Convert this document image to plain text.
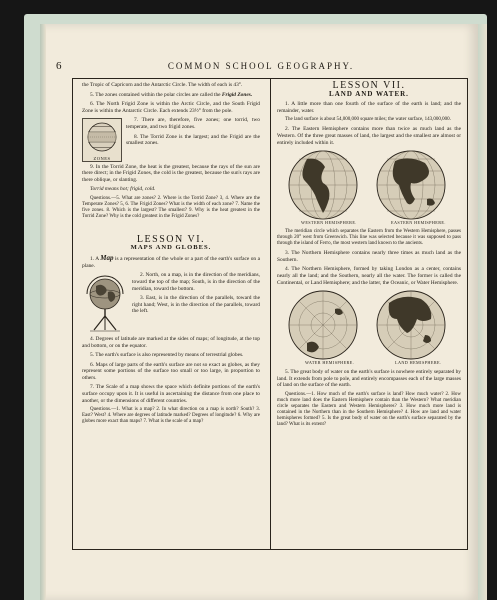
6	COMMON SCHOOL GEOGRAPHY.

the Tropic of Capricorn and the Antarctic Circle. The width of each is 43°.

5. The zones contained within the polar circles are called the Frigid Zones.

6. The North Frigid Zone is within the Arctic Circle, and the South Frigid Zone is within the Antarctic Circle. Each extends 23½° from the pole.

ZONES

7. There are, therefore, five zones; one torrid, two temperate, and two frigid zones.

8. The Torrid Zone is the largest; and the Frigid are the smallest zones.

9. In the Torrid Zone, the heat is the greatest, because the rays of the sun are there direct; in the Frigid Zones, the cold is the greatest, because the sun's rays are there oblique, or slanting.

Torrid means hot; frigid, cold.

Questions.—5. What are zones? 2. Where is the Torrid Zone? 3, 4. Where are the Temperate Zones? 5, 6. The Frigid Zones? What is the width of each zone? 7. Name the five zones. 8. Which is the largest? The smallest? 9. Why is the heat greatest in the Torrid Zone? Why is the cold greatest in the Frigid Zones?

LESSON VI.
MAPS AND GLOBES.

1. A Map is a representation of the whole or a part of the earth's surface on a plane.

2. North, on a map, is in the direction of the meridians, toward the top of the map; South, is in the direction of the meridian, toward the bottom.

3. East, is in the direction of the parallels, toward the right hand; West, is in the direction of the parallels, toward the left.

4. Degrees of latitude are marked at the sides of maps; of longitude, at the top and bottom, or on the equator.

5. The earth's surface is also represented by means of terrestrial globes.

6. Maps of large parts of the earth's surface are not so exact as globes, as they represent some portions of the surface too small or too large, in proportion to others.

7. The Scale of a map shows the space which definite portions of the earth's surface occupy upon it. It is useful in ascertaining the distance from one place to another, or the dimensions of different countries.

Questions.—1. What is a map? 2. In what direction on a map is north? South? 3. East? West? 4. Where are degrees of latitude marked? Degrees of longitude? 6. Why are globes more exact than maps? 7. What is the scale of a map?

LESSON VII.
LAND AND WATER.

1. A little more than one fourth of the surface of the earth is land; and the remainder, water.

The land surface is about 54,000,000 square miles; the water surface, 143,000,000.

2. The Eastern Hemisphere contains more than twice as much land as the Western. Of the three great masses of land, the largest and the smallest are almost or entirely included within it.

WESTERN HEMISPHERE.	EASTERN HEMISPHERE.

The meridian circle which separates the Eastern from the Western Hemisphere, passes through 20° west from Greenwich. This line was selected because it was supposed to pass through the island of Ferro, the most western land known to the ancients.

3. The Northern Hemisphere contains nearly three times as much land as the Southern.

4. The Northern Hemisphere, formed by taking London as a center, contains nearly all the land; and the Southern, nearly all the water. The former is called the Continental, or Land Hemisphere; and the latter, the Oceanic, or Water Hemisphere.

WATER HEMISPHERE.	LAND HEMISPHERE.

5. The great body of water on the earth's surface is nowhere entirely separated by land. It extends from pole to pole, and entirely encompasses each of the large masses of land on the surface of the earth.

Questions.—1. How much of the earth's surface is land? How much water? 2. How much more land does the Eastern Hemisphere contain than the Western? What meridian circle separates the Eastern and Western Hemispheres? 3. How much more land is contained in the Northern than in the Southern Hemisphere? 4. How are land and water hemispheres formed? 5. Is the great body of water on the earth's surface separated by the land? What is its extent?
